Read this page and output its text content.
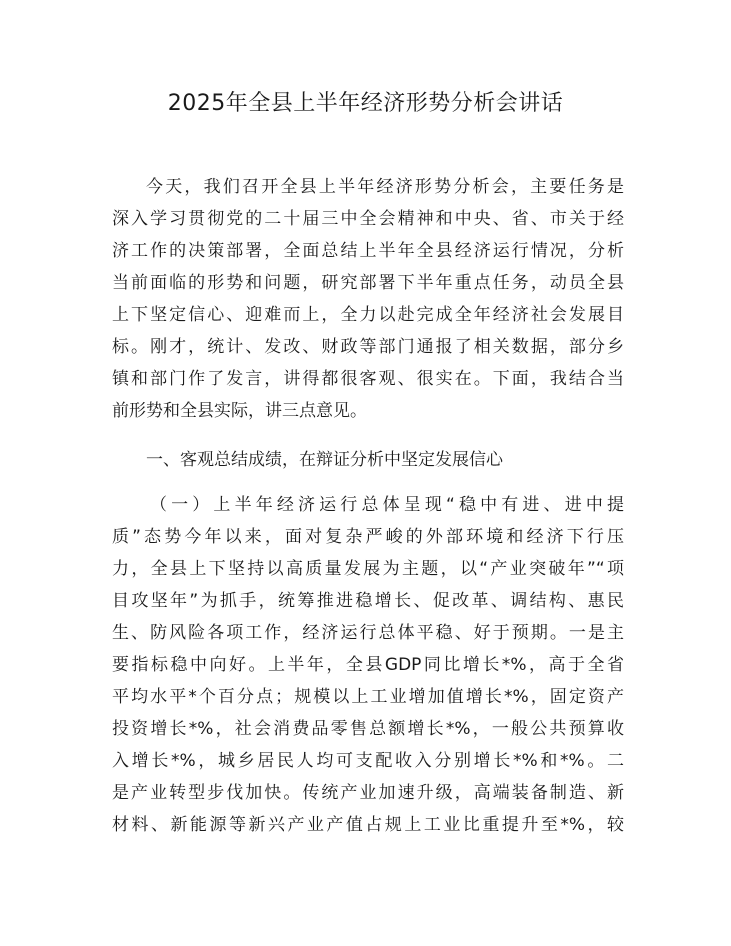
2025年全县上半年经济形势分析会讲话
今天，我们召开全县上半年经济形势分析会，主要任务是
深入学习贯彻党的二十届三中全会精神和中央、省、市关于经
济工作的决策部署，全面总结上半年全县经济运行情况，分析
当前面临的形势和问题，研究部署下半年重点任务，动员全县
上下坚定信心、迎难而上，全力以赴完成全年经济社会发展目
标。刚才，统计、发改、财政等部门通报了相关数据，部分乡
镇和部门作了发言，讲得都很客观、很实在。下面，我结合当
前形势和全县实际，讲三点意见。
一、客观总结成绩，在辩证分析中坚定发展信心
（一）上半年经济运行总体呈现“稳中有进、进中提
质”态势今年以来，面对复杂严峻的外部环境和经济下行压
力，全县上下坚持以高质量发展为主题，以“产业突破年”“项
目攻坚年”为抓手，统筹推进稳增长、促改革、调结构、惠民
生、防风险各项工作，经济运行总体平稳、好于预期。一是主
要指标稳中向好。上半年，全县GDP同比增长*%，高于全省
平均水平*个百分点；规模以上工业增加值增长*%，固定资产
投资增长*%，社会消费品零售总额增长*%，一般公共预算收
入增长*%，城乡居民人均可支配收入分别增长*%和*%。二
是产业转型步伐加快。传统产业加速升级，高端装备制造、新
材料、新能源等新兴产业产值占规上工业比重提升至*%，较
